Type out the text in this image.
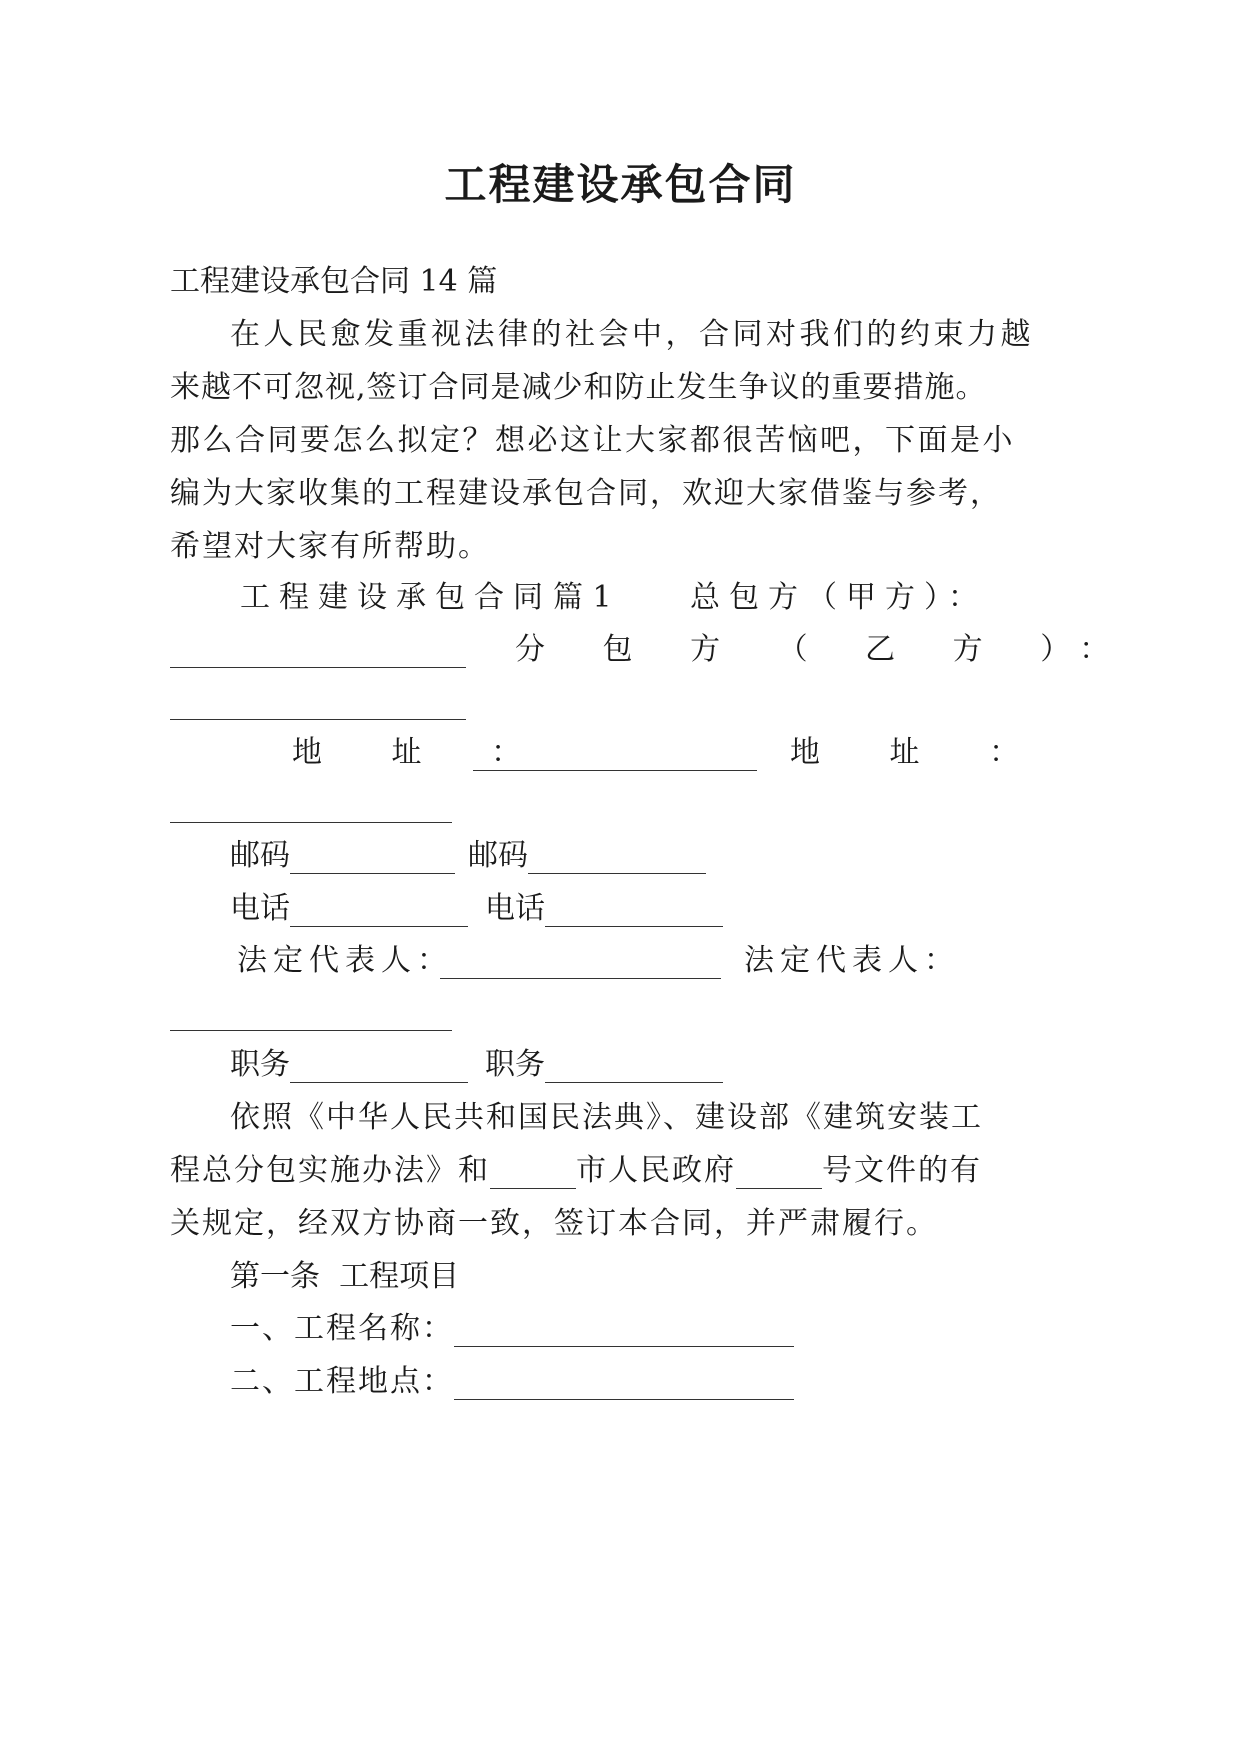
工程建设承包合同
工程建设承包合同 14 篇
在人民愈发重视法律的社会中，合同对我们的约束力越
来越不可忽视,签订合同是减少和防止发生争议的重要措施。
那么合同要怎么拟定？想必这让大家都很苦恼吧，下面是小
编为大家收集的工程建设承包合同，欢迎大家借鉴与参考，
希望对大家有所帮助。
工程建设承包合同 篇 1	总包方（甲方）：

分 包 方 （ 乙 方 ）：

地 址 ：
	地 址 ：

邮码	邮码
电话	电话
法定代表人：
	法定代表人：

职务	职务
依照《中华人民共和国民法典》、建设部《建筑安装工
程总分包实施办法》和	市人民政府	号文件的有
关规定，经双方协商一致，签订本合同，并严肃履行。
第一条  工程项目
一、工程名称：
二、工程地点：
